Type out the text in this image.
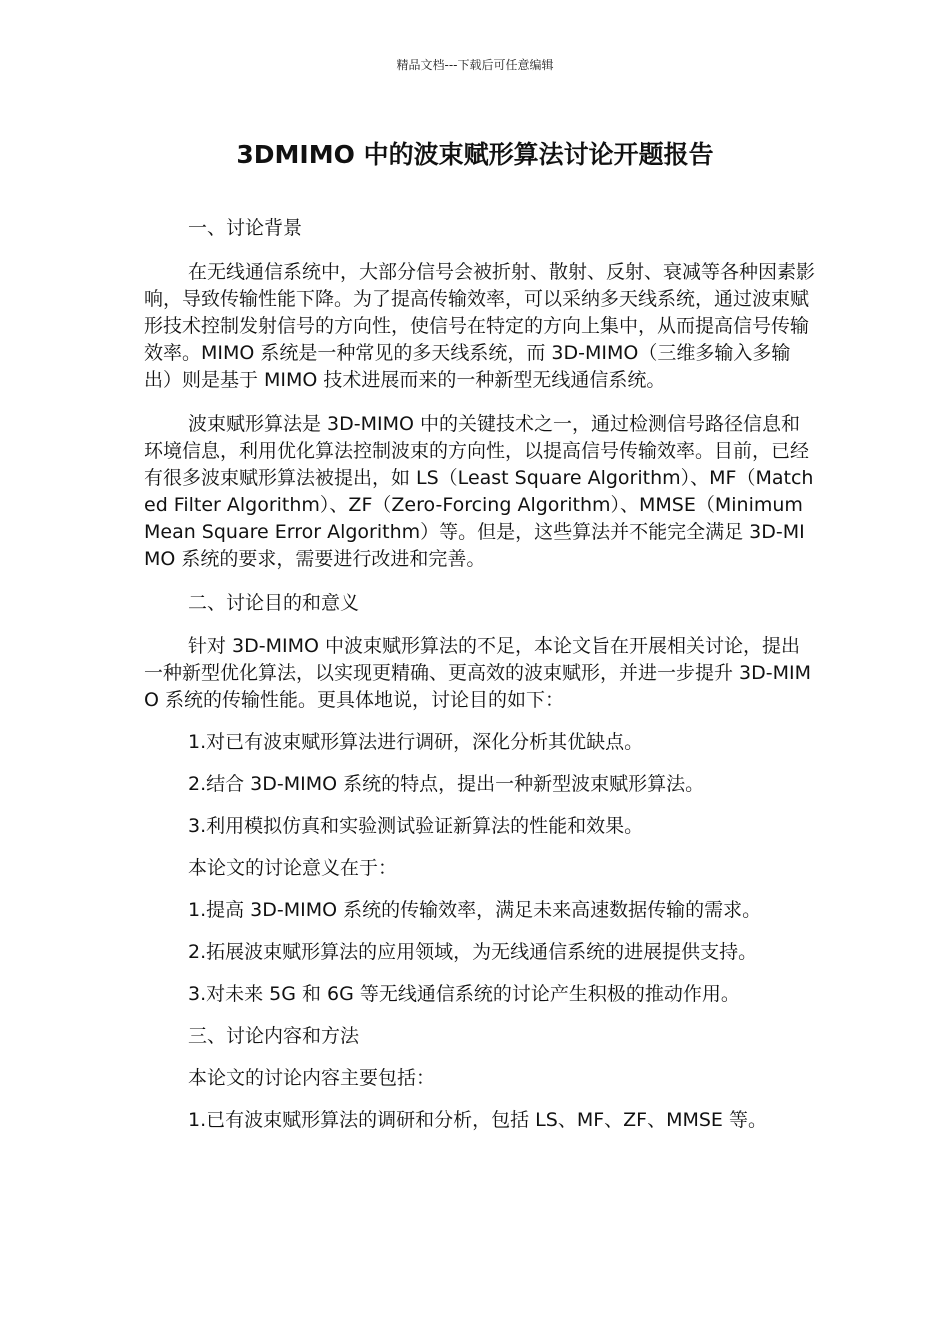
精品文档---下载后可任意编辑
3DMIMO 中的波束赋形算法讨论开题报告

一、讨论背景

在无线通信系统中，大部分信号会被折射、散射、反射、衰减等各种因素影响，导致传输性能下降。为了提高传输效率，可以采纳多天线系统，通过波束赋形技术控制发射信号的方向性，使信号在特定的方向上集中，从而提高信号传输效率。MIMO 系统是一种常见的多天线系统，而 3D-MIMO（三维多输入多输出）则是基于 MIMO 技术进展而来的一种新型无线通信系统。

波束赋形算法是 3D-MIMO 中的关键技术之一，通过检测信号路径信息和环境信息，利用优化算法控制波束的方向性，以提高信号传输效率。目前，已经有很多波束赋形算法被提出，如 LS（Least Square Algorithm）、MF（Matched Filter Algorithm）、ZF（Zero-Forcing Algorithm）、MMSE（Minimum Mean Square Error Algorithm）等。但是，这些算法并不能完全满足 3D-MIMO 系统的要求，需要进行改进和完善。

二、讨论目的和意义

针对 3D-MIMO 中波束赋形算法的不足，本论文旨在开展相关讨论，提出一种新型优化算法，以实现更精确、更高效的波束赋形，并进一步提升 3D-MIMO 系统的传输性能。更具体地说，讨论目的如下：

1.对已有波束赋形算法进行调研，深化分析其优缺点。

2.结合 3D-MIMO 系统的特点，提出一种新型波束赋形算法。

3.利用模拟仿真和实验测试验证新算法的性能和效果。

本论文的讨论意义在于：

1.提高 3D-MIMO 系统的传输效率，满足未来高速数据传输的需求。

2.拓展波束赋形算法的应用领域，为无线通信系统的进展提供支持。

3.对未来 5G 和 6G 等无线通信系统的讨论产生积极的推动作用。

三、讨论内容和方法

本论文的讨论内容主要包括：

1.已有波束赋形算法的调研和分析，包括 LS、MF、ZF、MMSE 等。
